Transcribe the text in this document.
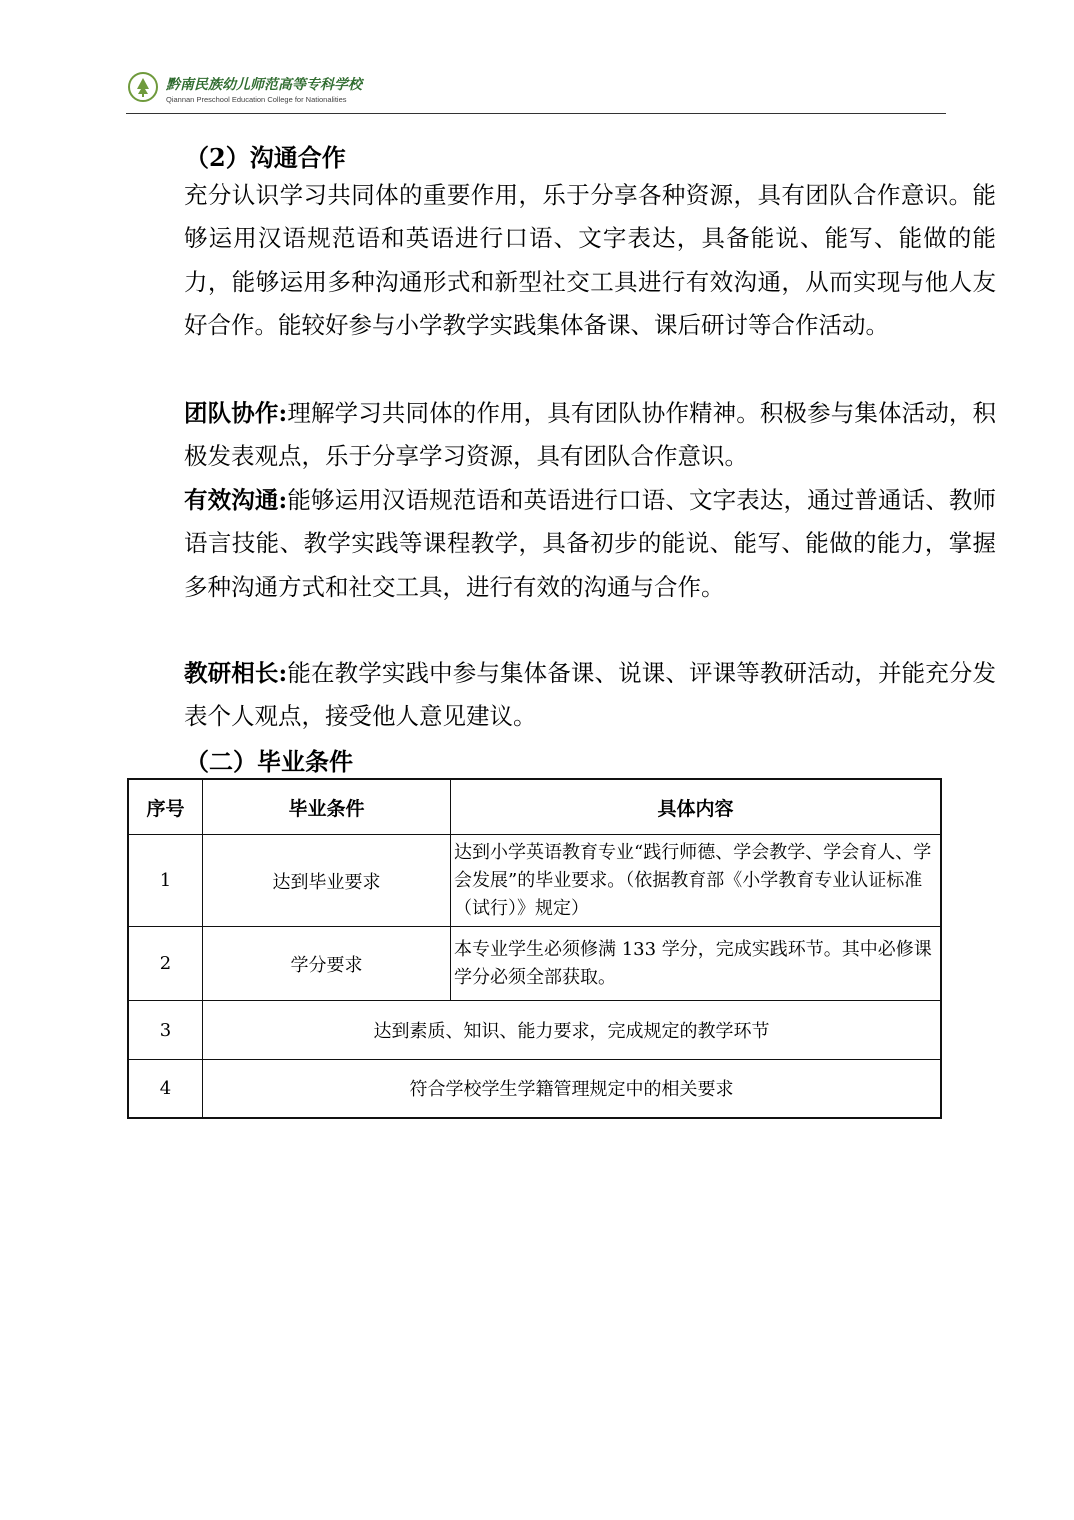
黔南民族幼儿师范高等专科学校
Qiannan Preschool Education College for Nationalities
（2）沟通合作

充分认识学习共同体的重要作用，乐于分享各种资源，具有团队合作意识。能够运用汉语规范语和英语进行口语、文字表达，具备能说、能写、能做的能力，能够运用多种沟通形式和新型社交工具进行有效沟通，从而实现与他人友好合作。能较好参与小学教学实践集体备课、课后研讨等合作活动。

团队协作:理解学习共同体的作用，具有团队协作精神。积极参与集体活动，积极发表观点，乐于分享学习资源，具有团队合作意识。

有效沟通:能够运用汉语规范语和英语进行口语、文字表达，通过普通话、教师语言技能、教学实践等课程教学，具备初步的能说、能写、能做的能力，掌握多种沟通方式和社交工具，进行有效的沟通与合作。

教研相长:能在教学实践中参与集体备课、说课、评课等教研活动，并能充分发表个人观点，接受他人意见建议。

（二）毕业条件
序号	毕业条件	具体内容
1	达到毕业要求	达到小学英语教育专业“践行师德、学会教学、学会育人、学会发展”的毕业要求。（依据教育部《小学教育专业认证标准（试行）》规定）
2	学分要求	本专业学生必须修满 133 学分，完成实践环节。其中必修课学分必须全部获取。
3	达到素质、知识、能力要求，完成规定的教学环节	
4	符合学校学生学籍管理规定中的相关要求	
